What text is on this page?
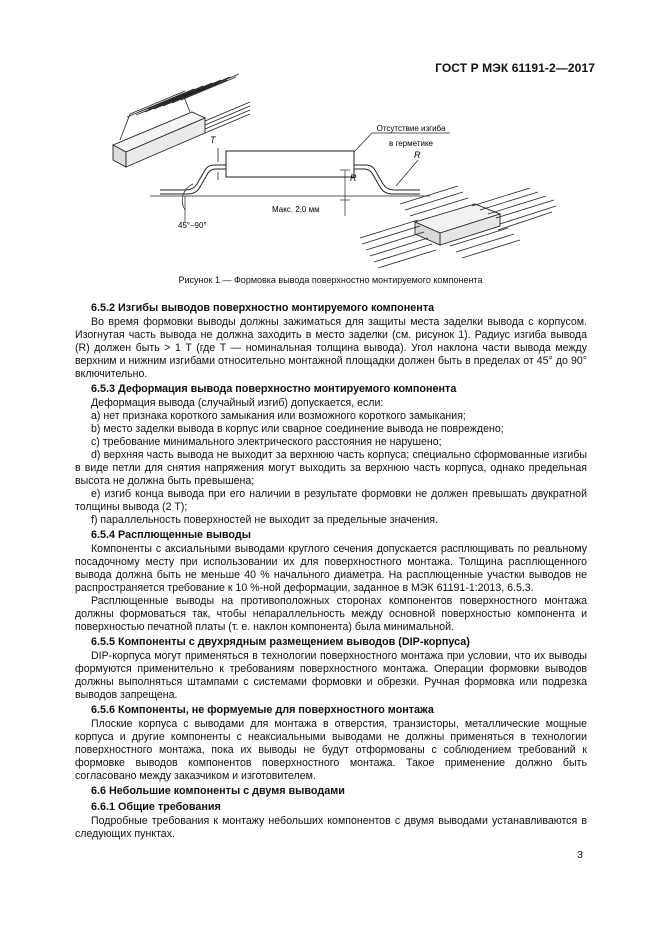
ГОСТ Р МЭК 61191-2—2017
Отсутствие изгиба
в герметике
T
R
R
45°–90°
Макс. 2,0 мм
Рисунок 1 — Формовка вывода поверхностно монтируемого компонента
6.5.2 Изгибы выводов поверхностно монтируемого компонента

Во время формовки выводы должны зажиматься для защиты места заделки вывода с корпусом. Изогнутая часть вывода не должна заходить в место заделки (см. рисунок 1). Радиус изгиба вывода (R) должен быть > 1 T (где T — номинальная толщина вывода). Угол наклона части вывода между верхним и нижним изгибами относительно монтажной площадки должен быть в пределах от 45° до 90° включительно.

6.5.3 Деформация вывода поверхностно монтируемого компонента

Деформация вывода (случайный изгиб) допускается, если:

a) нет признака короткого замыкания или возможного короткого замыкания;

b) место заделки вывода в корпус или сварное соединение вывода не повреждено;

c) требование минимального электрического расстояния не нарушено;

d) верхняя часть вывода не выходит за верхнюю часть корпуса; специально сформованные изгибы в виде петли для снятия напряжения могут выходить за верхнюю часть корпуса, однако предельная высота не должна быть превышена;

e) изгиб конца вывода при его наличии в результате формовки не должен превышать двукратной толщины вывода (2 T);

f) параллельность поверхностей не выходит за предельные значения.

6.5.4 Расплющенные выводы

Компоненты с аксиальными выводами круглого сечения допускается расплющивать по реальному посадочному месту при использовании их для поверхностного монтажа. Толщина расплющенного вывода должна быть не меньше 40 % начального диаметра. На расплющенные участки выводов не распространяется требование к 10 %-ной деформации, заданное в МЭК 61191-1:2013, 6.5.3.

Расплющенные выводы на противоположных сторонах компонентов поверхностного монтажа должны формоваться так, чтобы непараллельность между основной поверхностью компонента и поверхностью печатной платы (т. е. наклон компонента) была минимальной.

6.5.5 Компоненты с двухрядным размещением выводов (DIP-корпуса)

DIP-корпуса могут применяться в технологии поверхностного монтажа при условии, что их выводы формуются применительно к требованиям поверхностного монтажа. Операции формовки выводов должны выполняться штампами с системами формовки и обрезки. Ручная формовка или подрезка выводов запрещена.

6.5.6 Компоненты, не формуемые для поверхностного монтажа

Плоские корпуса с выводами для монтажа в отверстия, транзисторы, металлические мощные корпуса и другие компоненты с неаксиальными выводами не должны применяться в технологии поверхностного монтажа, пока их выводы не будут отформованы с соблюдением требований к формовке выводов компонентов поверхностного монтажа. Такое применение должно быть согласовано между заказчиком и изготовителем.

6.6 Небольшие компоненты с двумя выводами
6.6.1 Общие требования

Подробные требования к монтажу небольших компонентов с двумя выводами устанавливаются в следующих пунктах.

3
